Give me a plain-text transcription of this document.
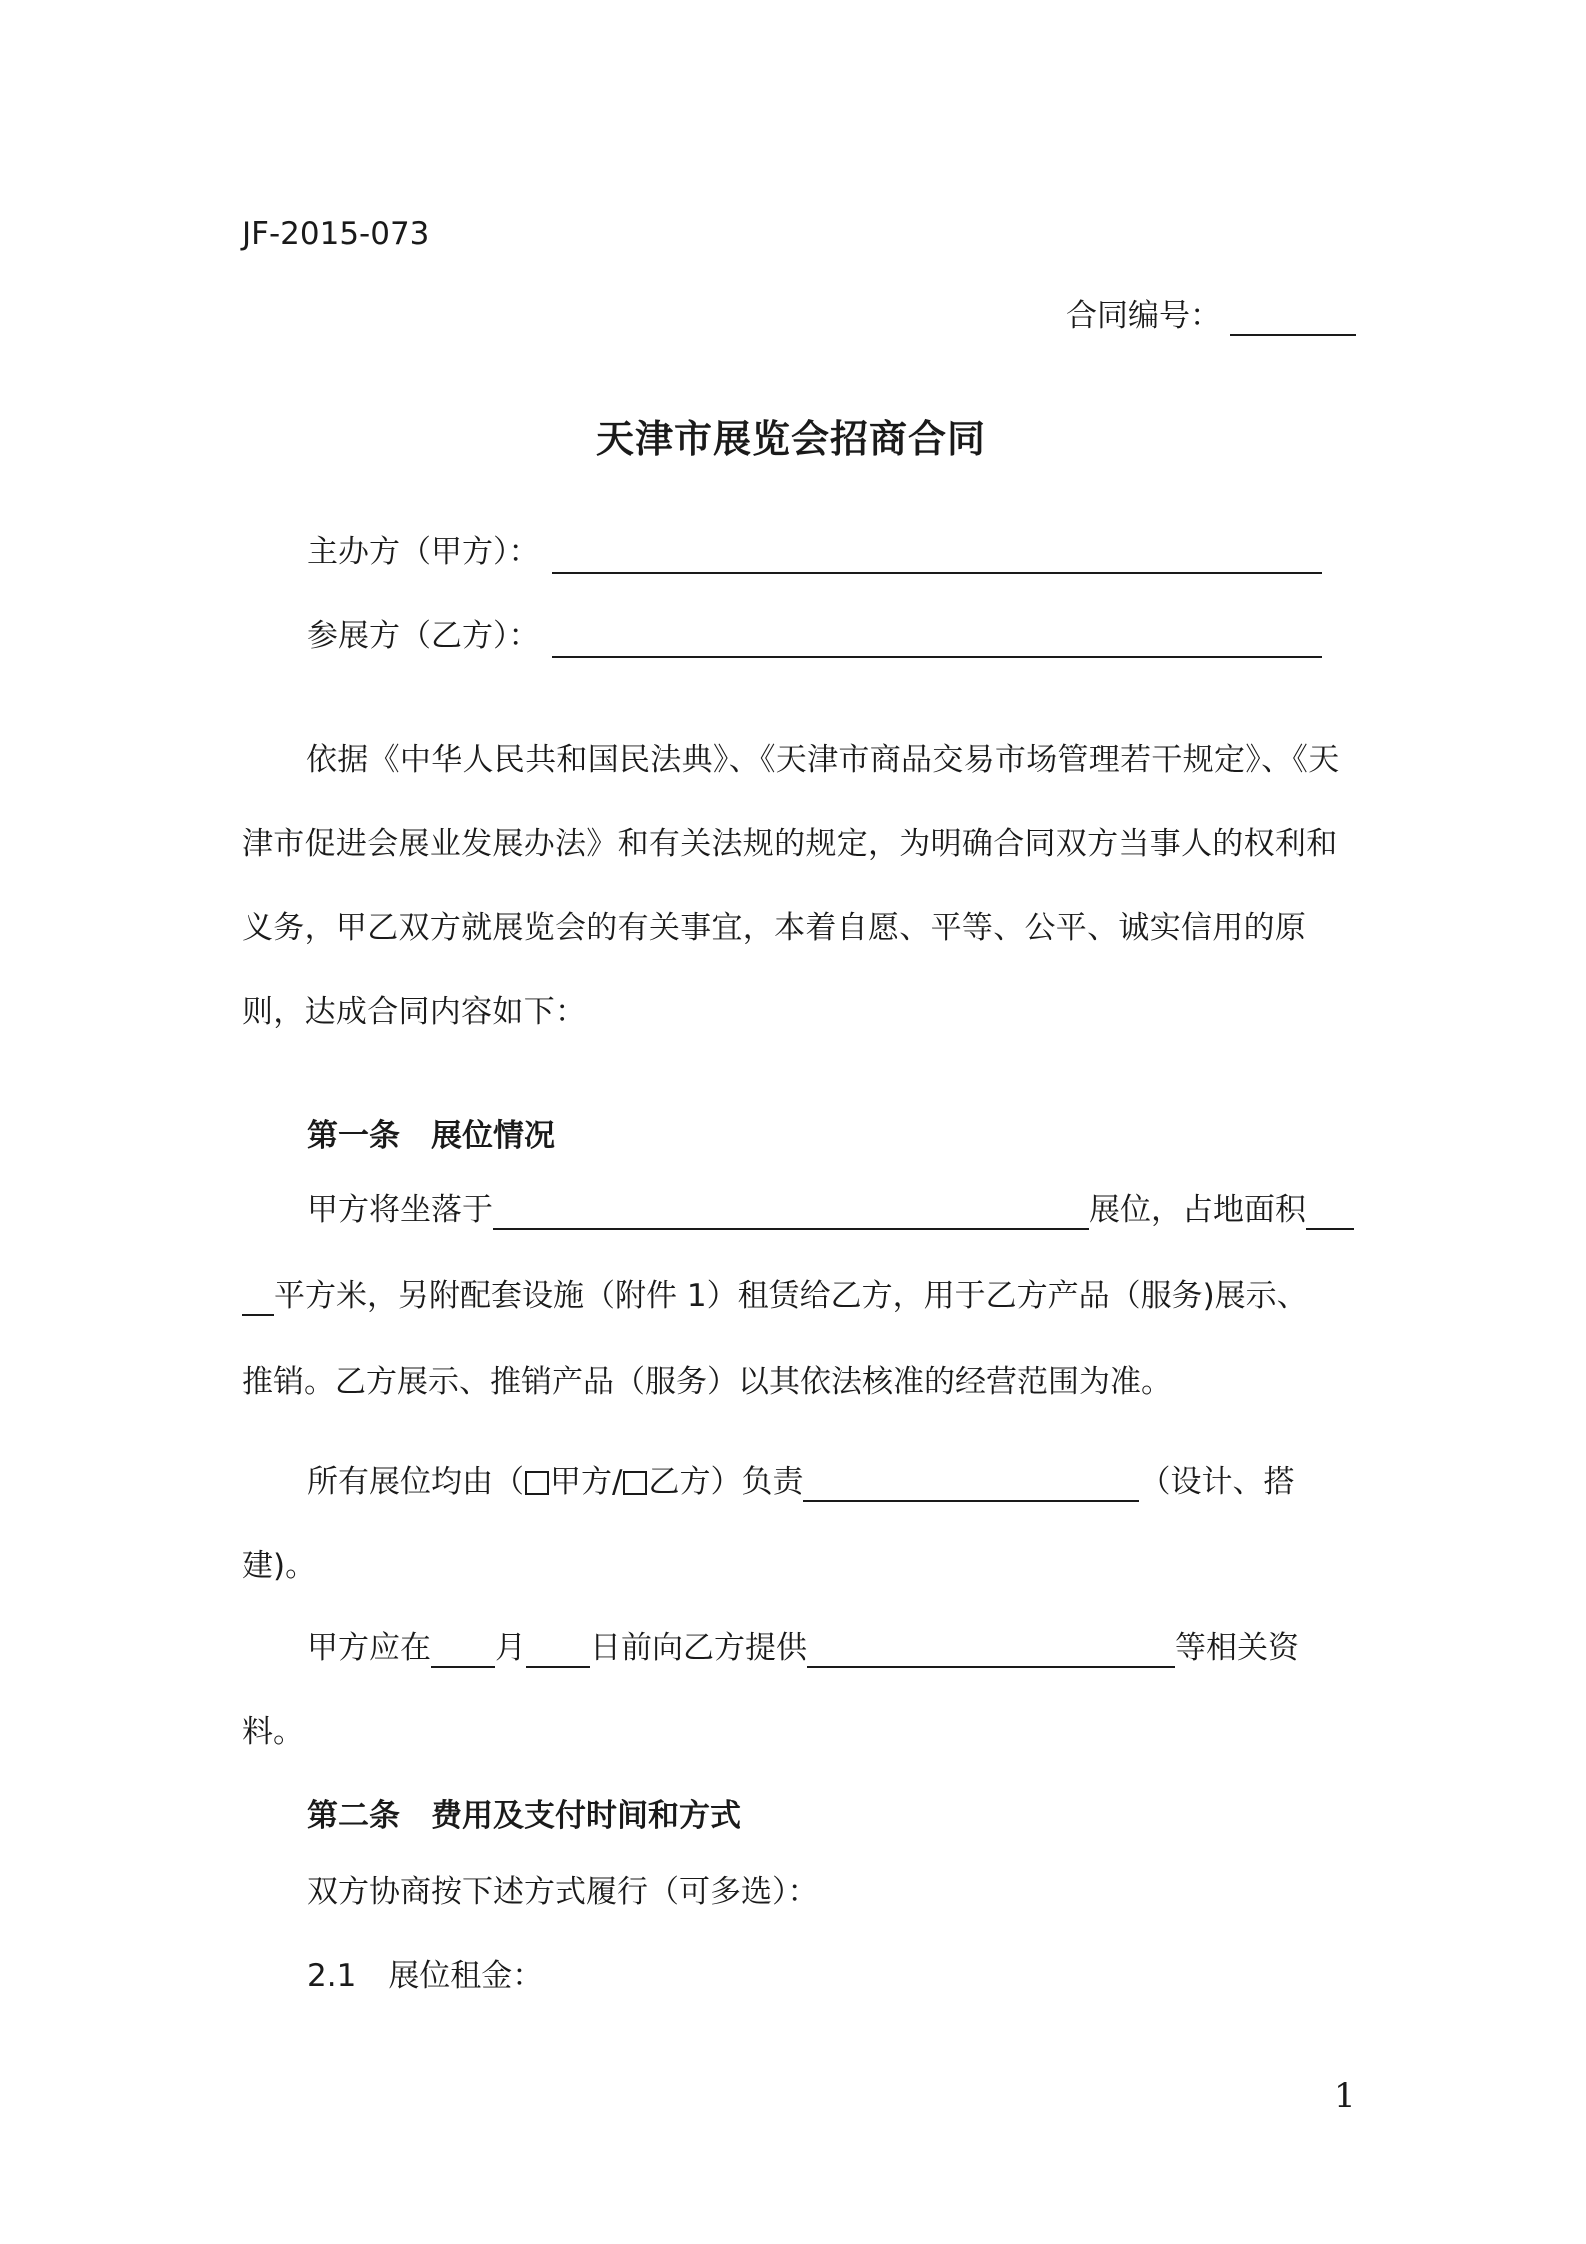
JF-2015-073
合同编号：
天津市展览会招商合同
主办方（甲方）：
参展方（乙方）：
依据《中华人民共和国民法典》、《天津市商品交易市场管理若干规定》、《天津市促进会展业发展办法》和有关法规的规定，为明确合同双方当事人的权利和义务，甲乙双方就展览会的有关事宜，本着自愿、平等、公平、诚实信用的原则，达成合同内容如下：
第一条　展位情况
甲方将坐落于	展位，占地面积
平方米，另附配套设施（附件 1）租赁给乙方，用于乙方产品（服务)展示、
推销。乙方展示、推销产品（服务）以其依法核准的经营范围为准。
所有展位均由（ 甲方/ 乙方）负责	（设计、搭
建)。
甲方应在 月 日前向乙方提供	等相关资
料。
第二条　费用及支付时间和方式
双方协商按下述方式履行（可多选）：
2.1 展位租金：
1
